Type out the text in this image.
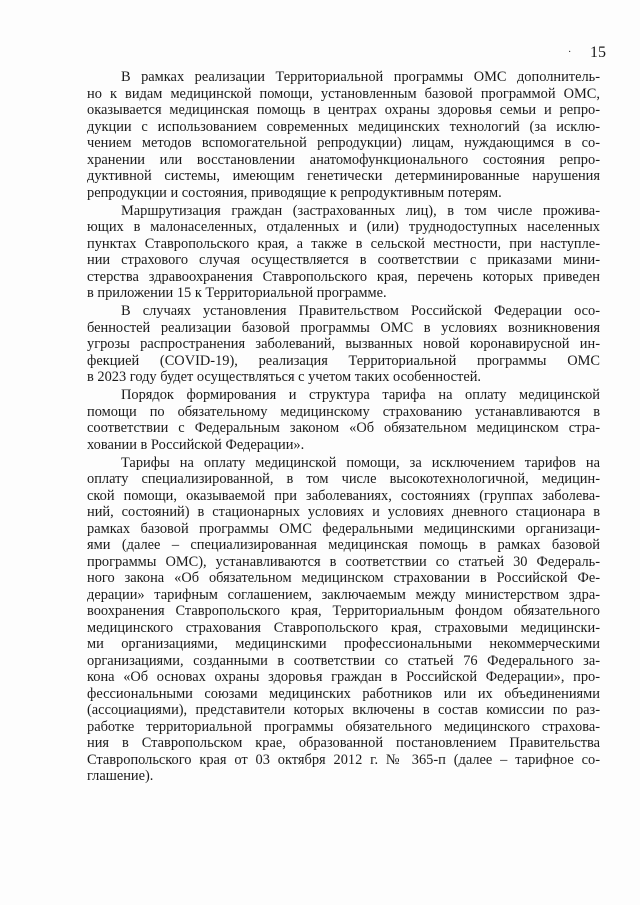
· 15

В рамках реализации Территориальной программы ОМС дополнитель-
но к видам медицинской помощи, установленным базовой программой ОМС,
оказывается медицинская помощь в центрах охраны здоровья семьи и репро-
дукции с использованием современных медицинских технологий (за исклю-
чением методов вспомогательной репродукции) лицам, нуждающимся в со-
хранении или восстановлении анатомофункционального состояния репро-
дуктивной системы, имеющим генетически детерминированные нарушения
репродукции и состояния, приводящие к репродуктивным потерям.

Маршрутизация граждан (застрахованных лиц), в том числе прожива-
ющих в малонаселенных, отдаленных и (или) труднодоступных населенных
пунктах Ставропольского края, а также в сельской местности, при наступле-
нии страхового случая осуществляется в соответствии с приказами мини-
стерства здравоохранения Ставропольского края, перечень которых приведен
в приложении 15 к Территориальной программе.

В случаях установления Правительством Российской Федерации осо-
бенностей реализации базовой программы ОМС в условиях возникновения
угрозы распространения заболеваний, вызванных новой коронавирусной ин-
фекцией (COVID-19), реализация Территориальной программы ОМС
в 2023 году будет осуществляться с учетом таких особенностей.

Порядок формирования и структура тарифа на оплату медицинской
помощи по обязательному медицинскому страхованию устанавливаются в
соответствии с Федеральным законом «Об обязательном медицинском стра-
ховании в Российской Федерации».

Тарифы на оплату медицинской помощи, за исключением тарифов на
оплату специализированной, в том числе высокотехнологичной, медицин-
ской помощи, оказываемой при заболеваниях, состояниях (группах заболева-
ний, состояний) в стационарных условиях и условиях дневного стационара в
рамках базовой программы ОМС федеральными медицинскими организаци-
ями (далее – специализированная медицинская помощь в рамках базовой
программы ОМС), устанавливаются в соответствии со статьей 30 Федераль-
ного закона «Об обязательном медицинском страховании в Российской Фе-
дерации» тарифным соглашением, заключаемым между министерством здра-
воохранения Ставропольского края, Территориальным фондом обязательного
медицинского страхования Ставропольского края, страховыми медицински-
ми организациями, медицинскими профессиональными некоммерческими
организациями, созданными в соответствии со статьей 76 Федерального за-
кона «Об основах охраны здоровья граждан в Российской Федерации», про-
фессиональными союзами медицинских работников или их объединениями
(ассоциациями), представители которых включены в состав комиссии по раз-
работке территориальной программы обязательного медицинского страхова-
ния в Ставропольском крае, образованной постановлением Правительства
Ставропольского края от 03 октября 2012 г. № 365-п (далее – тарифное со-
глашение).
